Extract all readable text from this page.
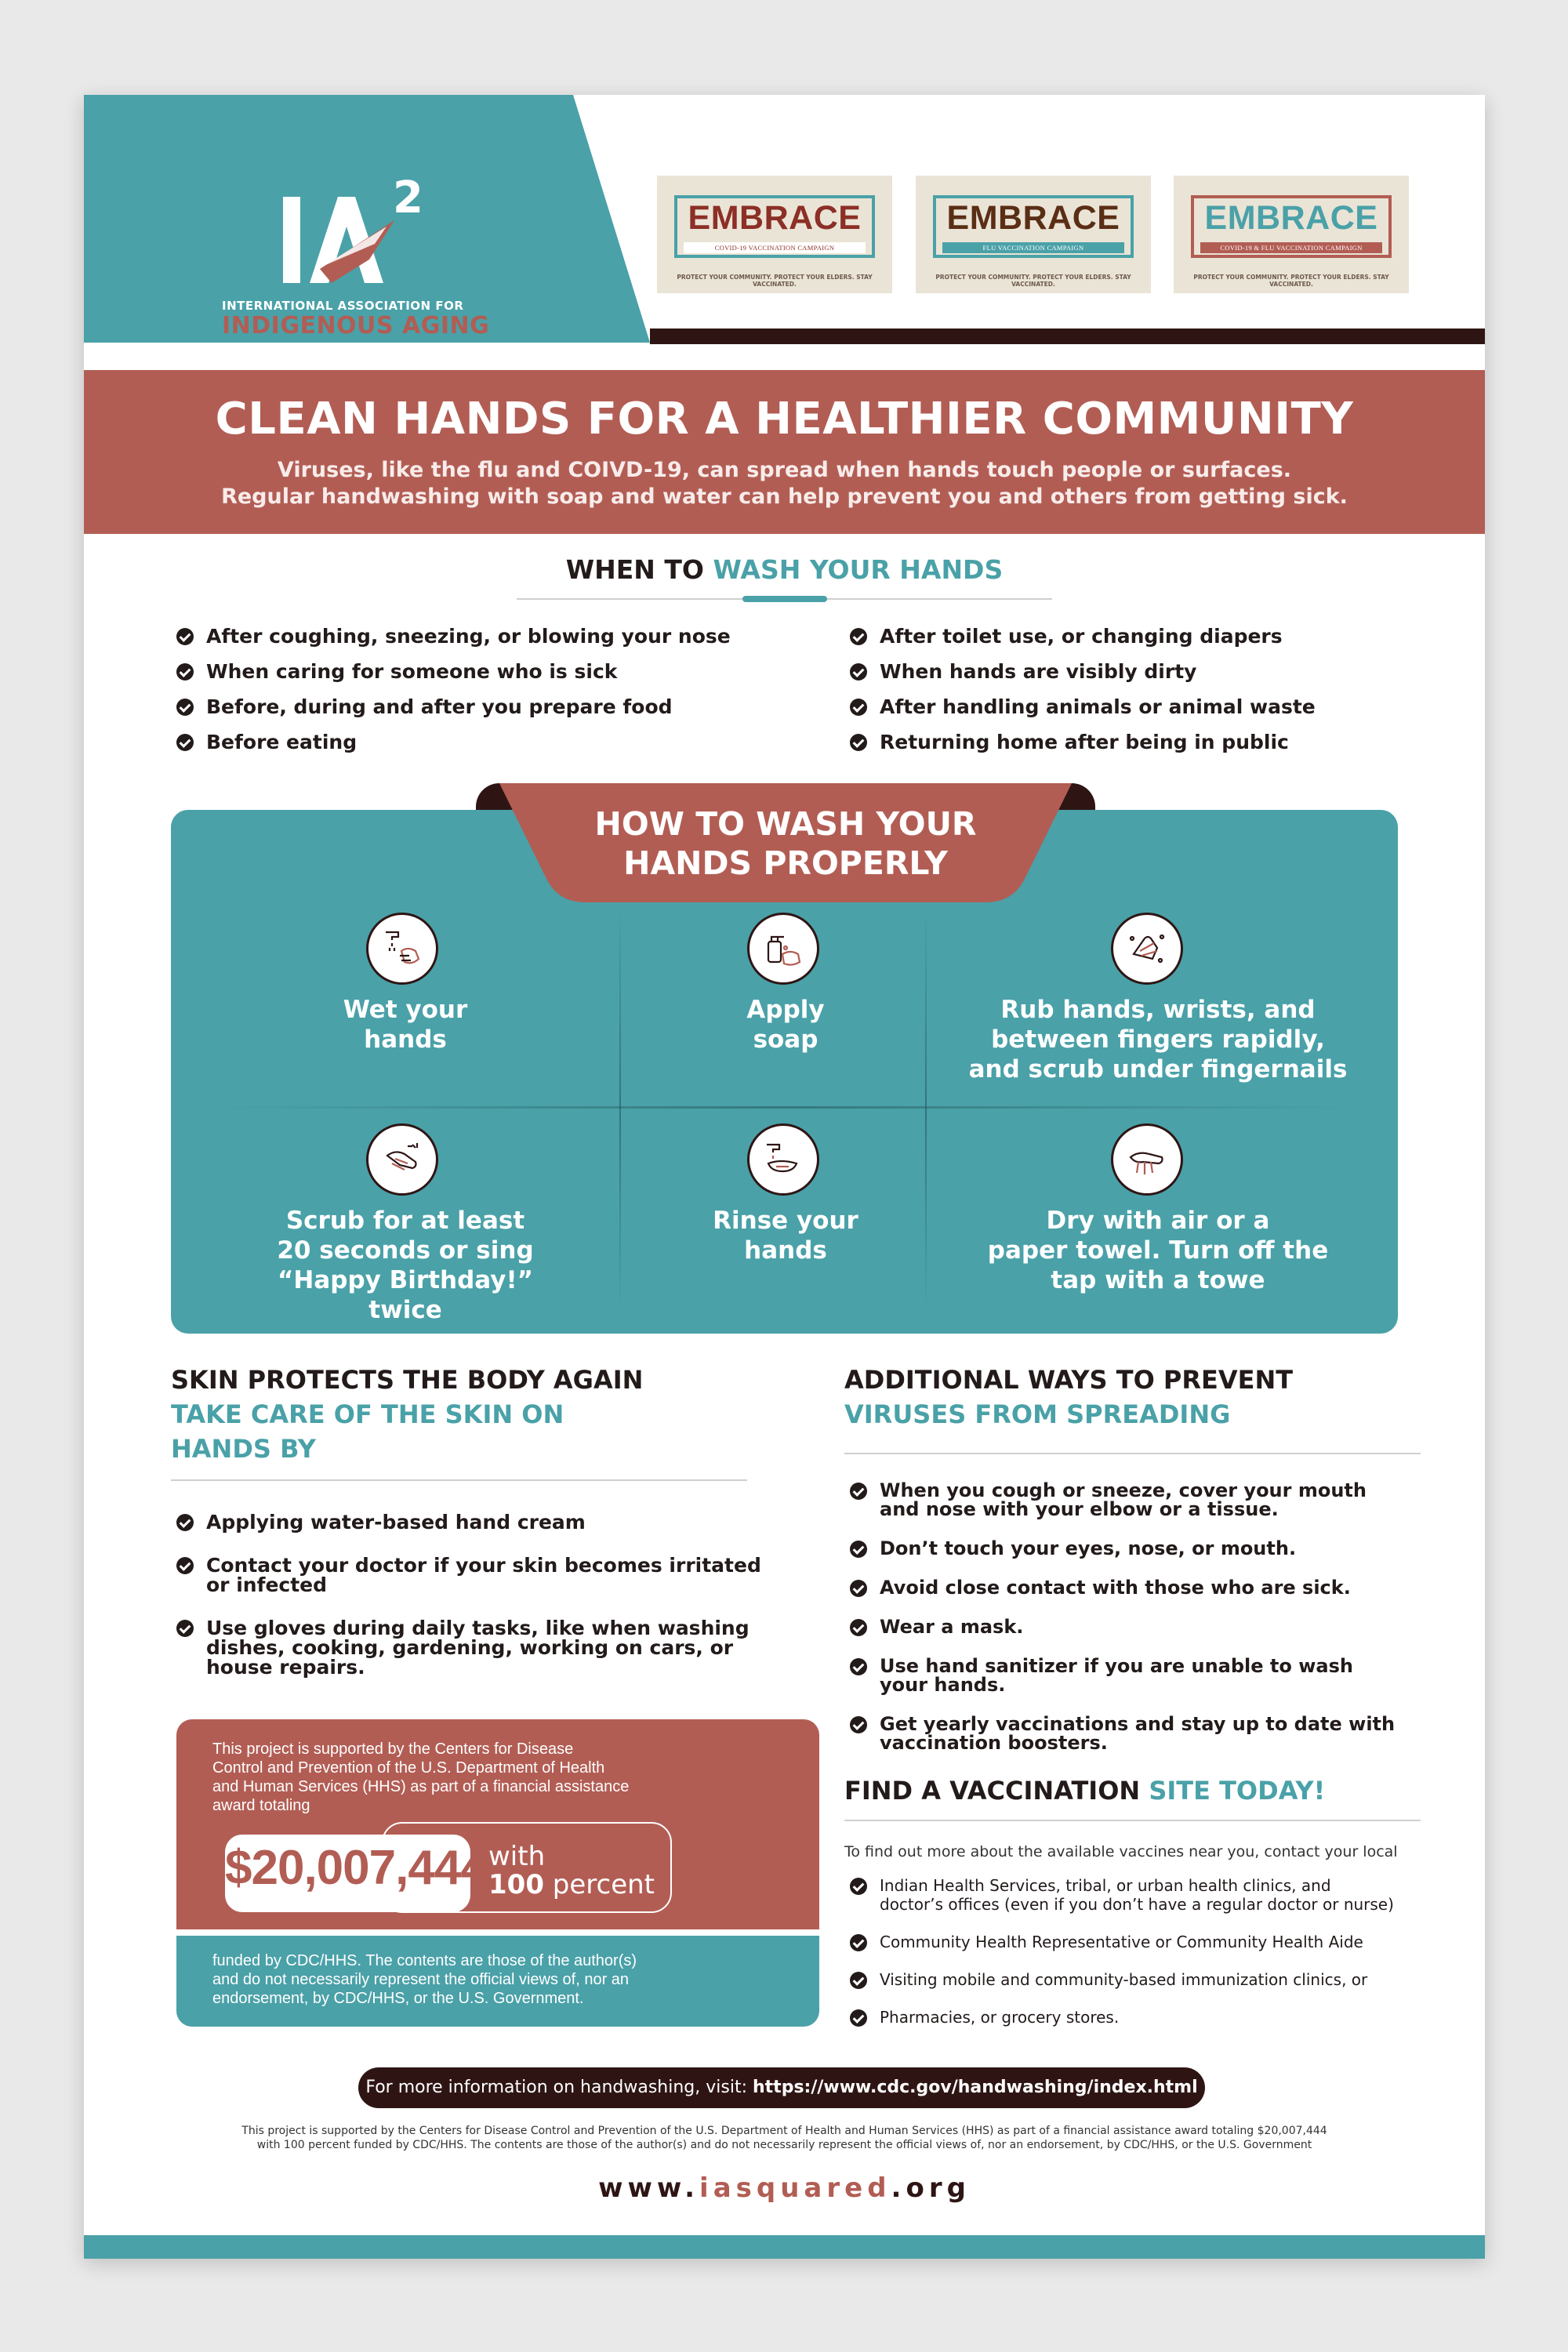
2
INTERNATIONAL ASSOCIATION FOR
INDIGENOUS AGING
EMBRACE
COVID-19 VACCINATION CAMPAIGN
PROTECT YOUR COMMUNITY. PROTECT YOUR ELDERS. STAY VACCINATED.
EMBRACE
FLU VACCINATION CAMPAIGN
PROTECT YOUR COMMUNITY. PROTECT YOUR ELDERS. STAY VACCINATED.
EMBRACE
COVID-19 & FLU VACCINATION CAMPAIGN
PROTECT YOUR COMMUNITY. PROTECT YOUR ELDERS. STAY VACCINATED.
CLEAN HANDS FOR A HEALTHIER COMMUNITY
Viruses, like the flu and COIVD-19, can spread when hands touch people or surfaces.
Regular handwashing with soap and water can help prevent you and others from getting sick.
WHEN TO WASH YOUR HANDS
After coughing, sneezing, or blowing your nose
When caring for someone who is sick
Before, during and after you prepare food
Before eating
After toilet use, or changing diapers
When hands are visibly dirty
After handling animals or animal waste
Returning home after being in public
HOW TO WASH YOUR
HANDS PROPERLY
Wet your
hands
Apply
soap
Rub hands, wrists, and
between fingers rapidly,
and scrub under fingernails
Scrub for at least
20 seconds or sing
“Happy Birthday!” twice
Rinse your
hands
Dry with air or a
paper towel. Turn off the
tap with a towe
SKIN PROTECTS THE BODY AGAIN
TAKE CARE OF THE SKIN ON
HANDS BY
Applying water-based hand cream
Contact your doctor if your skin becomes irritated
or infected
Use gloves during daily tasks, like when washing
dishes, cooking, gardening, working on cars, or
house repairs.
This project is supported by the Centers for Disease
Control and Prevention of the U.S. Department of Health
and Human Services (HHS) as part of a financial assistance
award totaling
$20,007,444 with
100 percent
funded by CDC/HHS. The contents are those of the author(s)
and do not necessarily represent the official views of, nor an
endorsement, by CDC/HHS, or the U.S. Government.
ADDITIONAL WAYS TO PREVENT
VIRUSES FROM SPREADING
When you cough or sneeze, cover your mouth
and nose with your elbow or a tissue.
Don’t touch your eyes, nose, or mouth.
Avoid close contact with those who are sick.
Wear a mask.
Use hand sanitizer if you are unable to wash
your hands.
Get yearly vaccinations and stay up to date with
vaccination boosters.
FIND A VACCINATION SITE TODAY!
To find out more about the available vaccines near you, contact your local
Indian Health Services, tribal, or urban health clinics, and
doctor’s offices (even if you don’t have a regular doctor or nurse)
Community Health Representative or Community Health Aide
Visiting mobile and community-based immunization clinics, or
Pharmacies, or grocery stores.
For more information on handwashing, visit: https://www.cdc.gov/handwashing/index.html
This project is supported by the Centers for Disease Control and Prevention of the U.S. Department of Health and Human Services (HHS) as part of a financial assistance award totaling $20,007,444
with 100 percent funded by CDC/HHS. The contents are those of the author(s) and do not necessarily represent the official views of, nor an endorsement, by CDC/HHS, or the U.S. Government
www.iasquared.org
